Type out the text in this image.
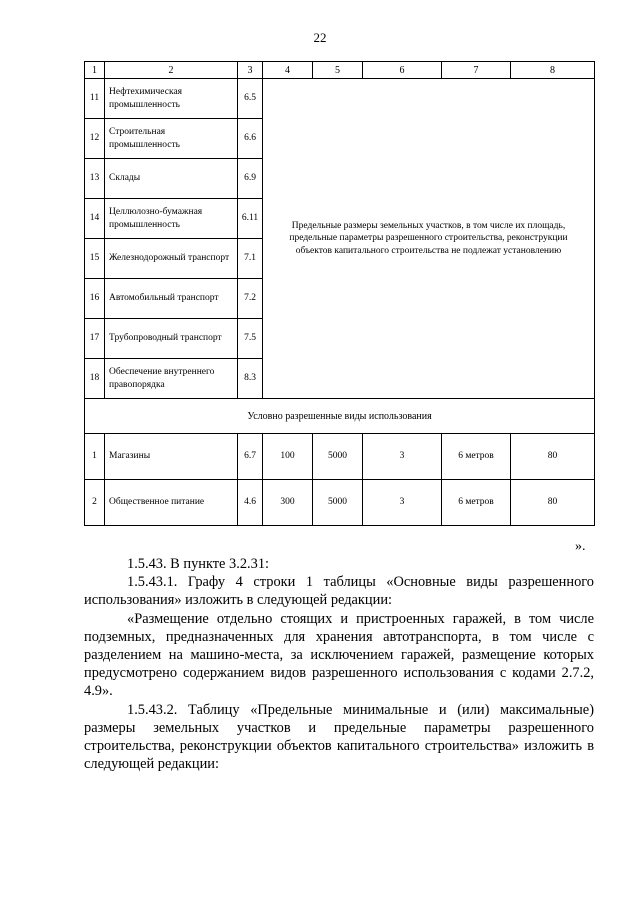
22
1	2	3	4	5	6	7	8
11	Нефтехимическая промышленность	6.5	Предельные размеры земельных участков, в том числе их площадь, предельные параметры разрешенного строительства, реконструкции объектов капитального строительства не подлежат установлению				
12	Строительная промышленность	6.6					
13	Склады	6.9					
14	Целлюлозно-бумажная промышленность	6.11					
15	Железнодорожный транспорт	7.1					
16	Автомобильный транспорт	7.2					
17	Трубопроводный транспорт	7.5					
18	Обеспечение внутреннего правопорядка	8.3					
Условно разрешенные виды использования							
1	Магазины	6.7	100	5000	3	6 метров	80
2	Общественное питание	4.6	300	5000	3	6 метров	80
».

1.5.43. В пункте 3.2.31:

1.5.43.1. Графу 4 строки 1 таблицы «Основные виды разрешенного использования» изложить в следующей редакции:

«Размещение отдельно стоящих и пристроенных гаражей, в том числе подземных, предназначенных для хранения автотранспорта, в том числе с разделением на машино-места, за исключением гаражей, размещение которых предусмотрено содержанием видов разрешенного использования с кодами 2.7.2, 4.9».

1.5.43.2. Таблицу «Предельные минимальные и (или) максимальные) размеры земельных участков и предельные параметры разрешенного строительства, реконструкции объектов капитального строительства» изложить в следующей редакции:
